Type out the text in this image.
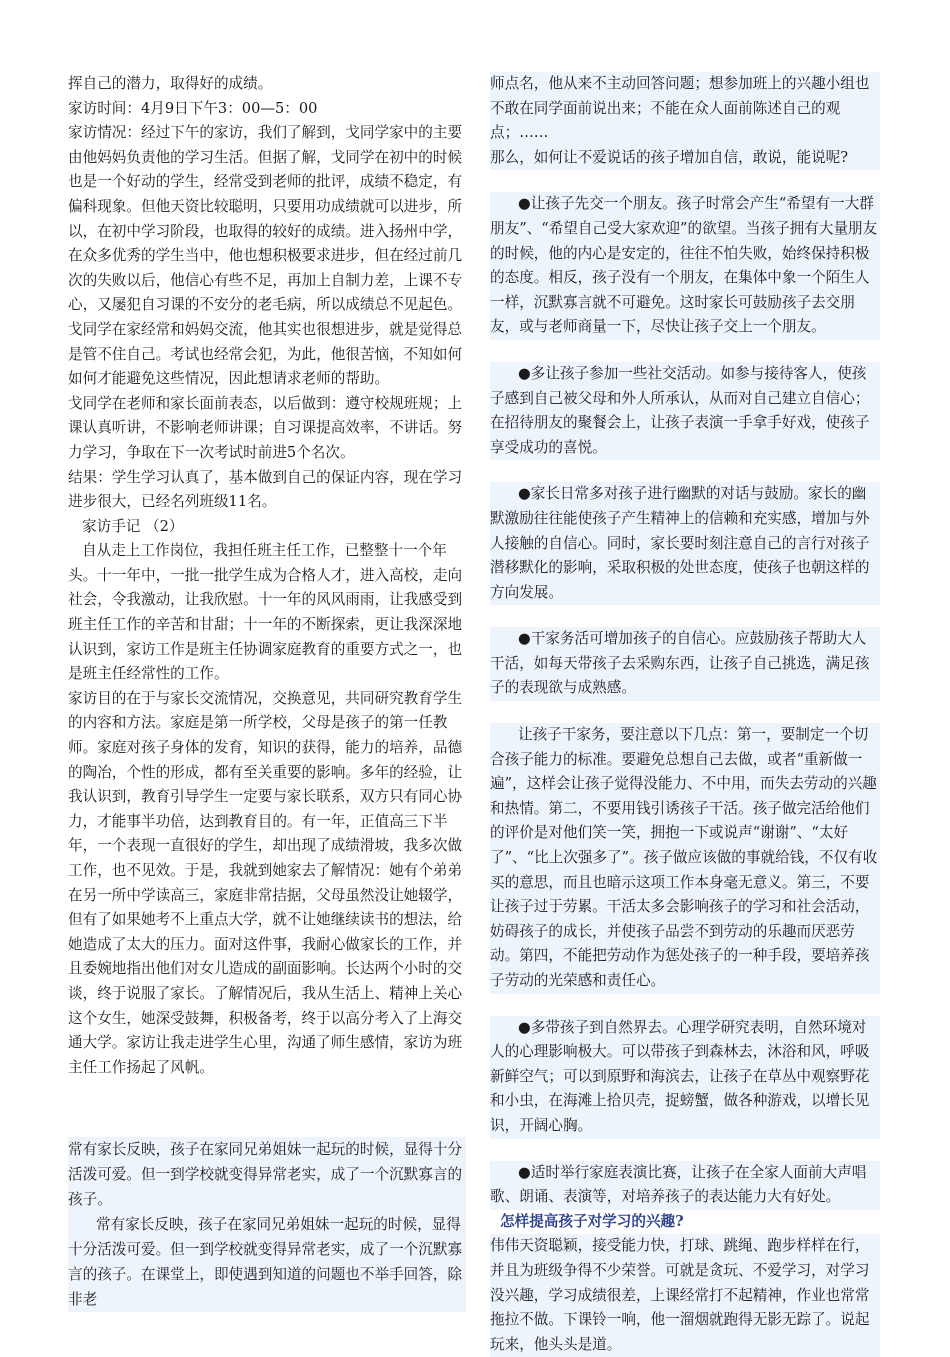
挥自己的潜力，取得好的成绩。

家访时间：4月9日下午3：00—5：00

家访情况：经过下午的家访，我们了解到，戈同学家中的主要由他妈妈负责他的学习生活。但据了解，戈同学在初中的时候也是一个好动的学生，经常受到老师的批评，成绩不稳定，有偏科现象。但他天资比较聪明，只要用功成绩就可以进步，所以，在初中学习阶段，也取得的较好的成绩。进入扬州中学，在众多优秀的学生当中，他也想积极要求进步，但在经过前几次的失败以后，他信心有些不足，再加上自制力差，上课不专心，又屡犯自习课的不安分的老毛病，所以成绩总不见起色。

戈同学在家经常和妈妈交流，他其实也很想进步，就是觉得总是管不住自己。考试也经常会犯，为此，他很苦恼，不知如何如何才能避免这些情况，因此想请求老师的帮助。

戈同学在老师和家长面前表态，以后做到：遵守校规班规；上课认真听讲，不影响老师讲课；自习课提高效率，不讲话。努力学习，争取在下一次考试时前进5个名次。

结果：学生学习认真了，基本做到自己的保证内容，现在学习进步很大，已经名列班级11名。

家访手记 （2）

自从走上工作岗位，我担任班主任工作，已整整十一个年头。十一年中，一批一批学生成为合格人才，进入高校，走向社会，令我激动，让我欣慰。十一年的风风雨雨，让我感受到班主任工作的辛苦和甘甜；十一年的不断探索，更让我深深地认识到，家访工作是班主任协调家庭教育的重要方式之一，也是班主任经常性的工作。

家访目的在于与家长交流情况，交换意见，共同研究教育学生的内容和方法。家庭是第一所学校，父母是孩子的第一任教师。家庭对孩子身体的发育，知识的获得，能力的培养，品德的陶冶，个性的形成，都有至关重要的影响。多年的经验，让我认识到，教育引导学生一定要与家长联系，双方只有同心协力，才能事半功倍，达到教育目的。有一年，正值高三下半年，一个表现一直很好的学生，却出现了成绩滑坡，我多次做工作，也不见效。于是，我就到她家去了解情况：她有个弟弟在另一所中学读高三，家庭非常拮据，父母虽然没让她辍学，但有了如果她考不上重点大学，就不让她继续读书的想法，给她造成了太大的压力。面对这件事，我耐心做家长的工作，并且委婉地指出他们对女儿造成的副面影响。长达两个小时的交谈，终于说服了家长。了解情况后，我从生活上、精神上关心这个女生，她深受鼓舞，积极备考，终于以高分考入了上海交通大学。家访让我走进学生心里，沟通了师生感情，家访为班主任工作扬起了风帆。

常有家长反映，孩子在家同兄弟姐妹一起玩的时候，显得十分活泼可爱。但一到学校就变得异常老实，成了一个沉默寡言的孩子。

常有家长反映，孩子在家同兄弟姐妹一起玩的时候，显得十分活泼可爱。但一到学校就变得异常老实，成了一个沉默寡言的孩子。在课堂上，即使遇到知道的问题也不举手回答，除非老

师点名，他从来不主动回答问题；想参加班上的兴趣小组也不敢在同学面前说出来；不能在众人面前陈述自己的观点；……

那么，如何让不爱说话的孩子增加自信，敢说，能说呢?

●让孩子先交一个朋友。孩子时常会产生“希望有一大群朋友”、“希望自己受大家欢迎”的欲望。当孩子拥有大量朋友的时候，他的内心是安定的，往往不怕失败，始终保持积极的态度。相反，孩子没有一个朋友，在集体中象一个陌生人一样，沉默寡言就不可避免。这时家长可鼓励孩子去交朋友，或与老师商量一下，尽快让孩子交上一个朋友。

●多让孩子参加一些社交活动。如参与接待客人，使孩子感到自己被父母和外人所承认，从而对自己建立自信心；在招待朋友的聚餐会上，让孩子表演一手拿手好戏，使孩子享受成功的喜悦。

●家长日常多对孩子进行幽默的对话与鼓励。家长的幽默激励往往能使孩子产生精神上的信赖和充实感，增加与外人接触的自信心。同时，家长要时刻注意自己的言行对孩子潜移默化的影响，采取积极的处世态度，使孩子也朝这样的方向发展。

●干家务活可增加孩子的自信心。应鼓励孩子帮助大人干活，如每天带孩子去采购东西，让孩子自己挑选，满足孩子的表现欲与成熟感。

让孩子干家务，要注意以下几点：第一，要制定一个切合孩子能力的标准。要避免总想自己去做，或者“重新做一遍”，这样会让孩子觉得没能力、不中用，而失去劳动的兴趣和热情。第二，不要用钱引诱孩子干活。孩子做完活给他们的评价是对他们笑一笑，拥抱一下或说声“谢谢”、“太好了”、“比上次强多了”。孩子做应该做的事就给钱，不仅有收买的意思，而且也暗示这项工作本身毫无意义。第三，不要让孩子过于劳累。干活太多会影响孩子的学习和社会活动，妨碍孩子的成长，并使孩子品尝不到劳动的乐趣而厌恶劳动。第四，不能把劳动作为惩处孩子的一种手段，要培养孩子劳动的光荣感和责任心。

●多带孩子到自然界去。心理学研究表明，自然环境对人的心理影响极大。可以带孩子到森林去，沐浴和风，呼吸新鲜空气；可以到原野和海滨去，让孩子在草丛中观察野花和小虫，在海滩上拾贝壳，捉螃蟹，做各种游戏，以增长见识，开阔心胸。

●适时举行家庭表演比赛，让孩子在全家人面前大声唱歌、朗诵、表演等，对培养孩子的表达能力大有好处。

怎样提高孩子对学习的兴趣?

伟伟天资聪颖，接受能力快，打球、跳绳、跑步样样在行，并且为班级争得不少荣誉。可就是贪玩、不爱学习，对学习没兴趣，学习成绩很差，上课经常打不起精神，作业也常常拖拉不做。下课铃一响，他一溜烟就跑得无影无踪了。说起玩来，他头头是道。
